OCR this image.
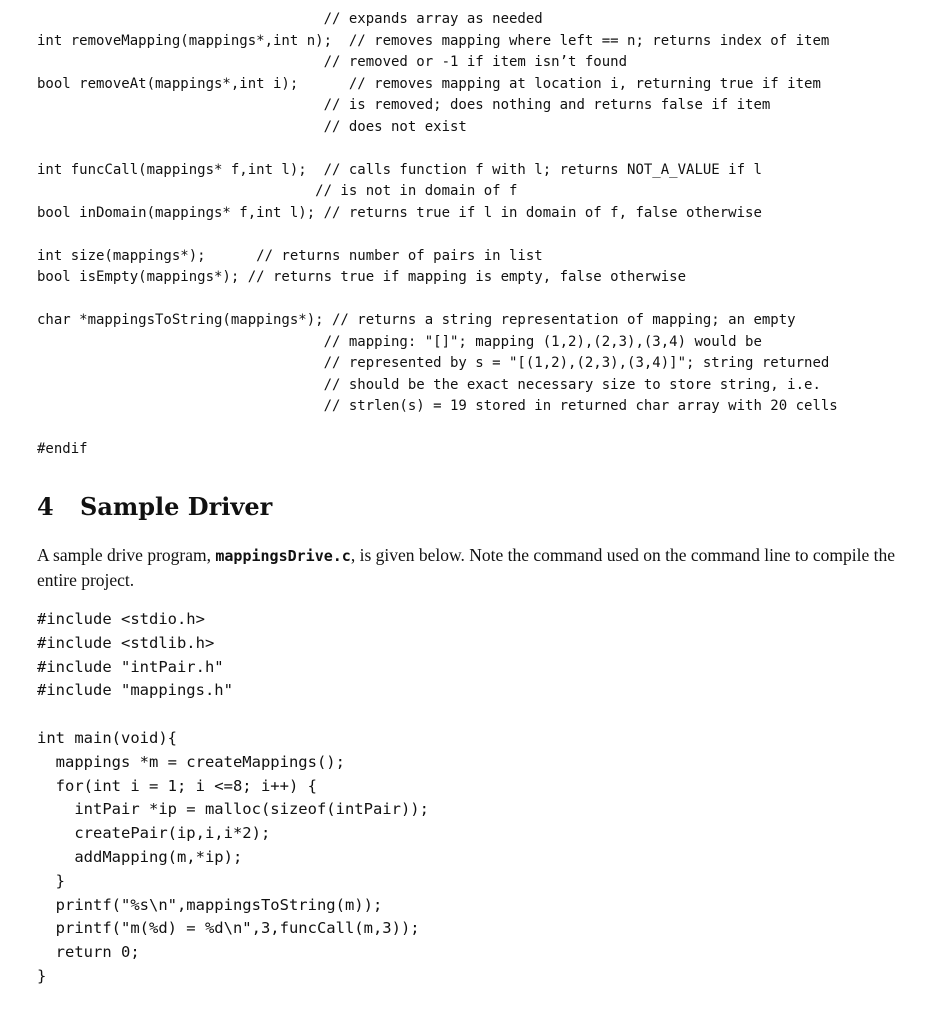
// expands array as needed
int removeMapping(mappings*,int n);  // removes mapping where left == n; returns index of item
// removed or -1 if item isn’t found
bool removeAt(mappings*,int i);      // removes mapping at location i, returning true if item
// is removed; does nothing and returns false if item
// does not exist
int funcCall(mappings* f,int l);  // calls function f with l; returns NOT_A_VALUE if l
// is not in domain of f
bool inDomain(mappings* f,int l); // returns true if l in domain of f, false otherwise
int size(mappings*);      // returns number of pairs in list
bool isEmpty(mappings*); // returns true if mapping is empty, false otherwise
char *mappingsToString(mappings*); // returns a string representation of mapping; an empty
// mapping: "[]"; mapping (1,2),(2,3),(3,4) would be
// represented by s = "[(1,2),(2,3),(3,4)]"; string returned
// should be the exact necessary size to store string, i.e.
// strlen(s) = 19 stored in returned char array with 20 cells
#endif
4 Sample Driver

A sample drive program, mappingsDrive.c, is given below. Note the command used on the command line to compile the entire project.

#include <stdio.h>
#include <stdlib.h>
#include "intPair.h"
#include "mappings.h"
int main(void){
mappings *m = createMappings();
for(int i = 1; i <=8; i++) {
intPair *ip = malloc(sizeof(intPair));
createPair(ip,i,i*2);
addMapping(m,*ip);
}
printf("%s\n",mappingsToString(m));
printf("m(%d) = %d\n",3,funcCall(m,3));
return 0;
}
